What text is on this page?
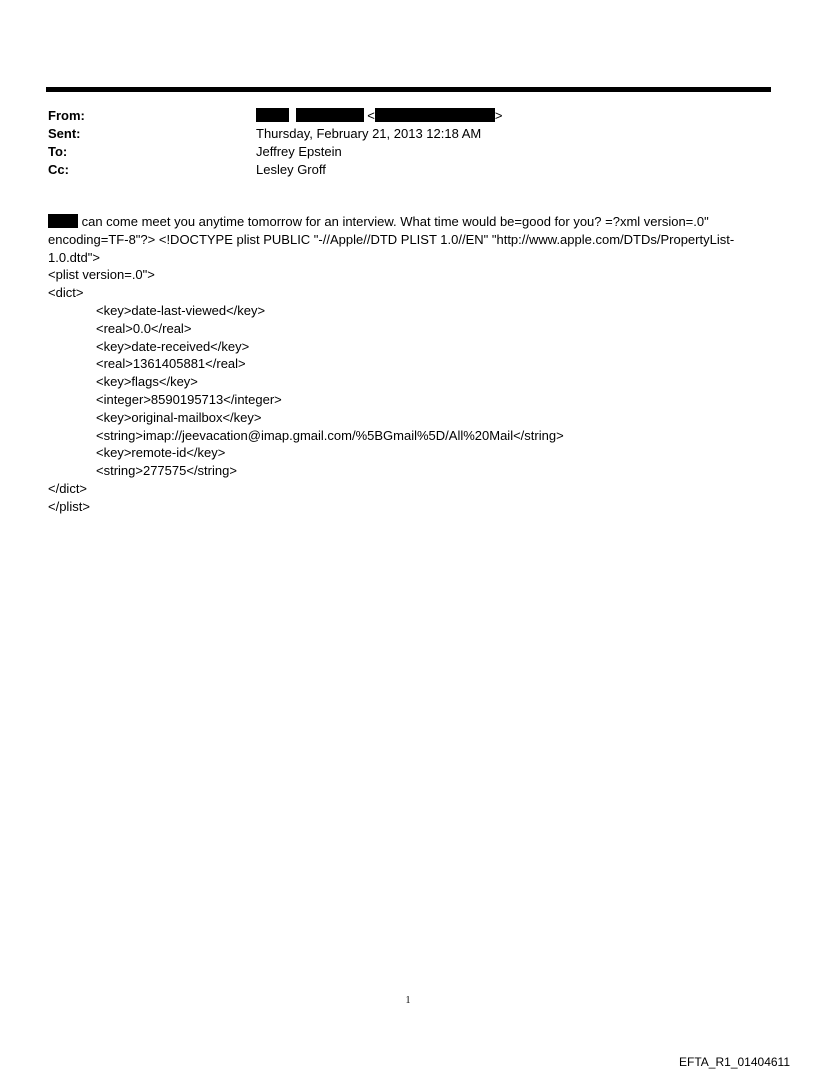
From:	<	>
Sent:	Thursday, February 21, 2013 12:18 AM
To:	Jeffrey Epstein
Cc:	Lesley Groff
can come meet you anytime tomorrow for an interview. What time would be=good for you? =?xml version=.0"
encoding=TF-8"?> <!DOCTYPE plist PUBLIC "-//Apple//DTD PLIST 1.0//EN" "http://www.apple.com/DTDs/PropertyList-
1.0.dtd">
<plist version=.0">
<dict>
<key>date-last-viewed</key>
<real>0.0</real>
<key>date-received</key>
<real>1361405881</real>
<key>flags</key>
<integer>8590195713</integer>
<key>original-mailbox</key>
<string>imap://jeevacation@imap.gmail.com/%5BGmail%5D/All%20Mail</string>
<key>remote-id</key>
<string>277575</string>
</dict>
</plist>
1
EFTA_R1_01404611
